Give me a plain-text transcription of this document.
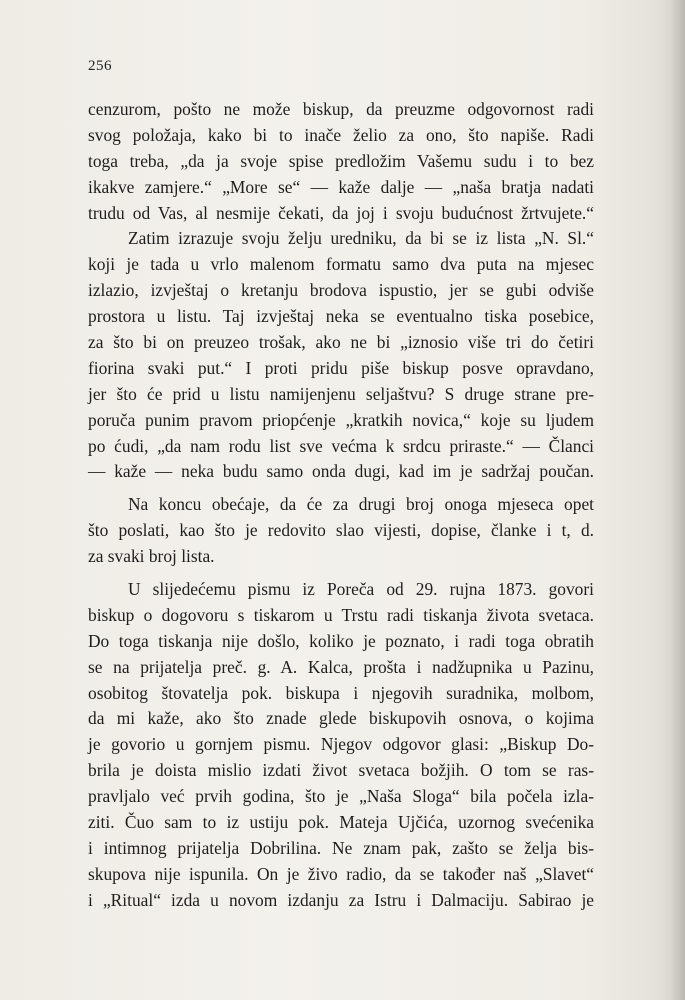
256
cenzurom, pošto ne može biskup, da preuzme odgovornost radi
svog položaja, kako bi to inače želio za ono, što napiše. Radi
toga treba, „da ja svoje spise predložim Vašemu sudu i to bez
ikakve zamjere.“ „More se“ — kaže dalje — „naša bratja nadati
trudu od Vas, al nesmije čekati, da joj i svoju budućnost žrtvujete.“
Zatim izrazuje svoju želju uredniku, da bi se iz lista „N. Sl.“
koji je tada u vrlo malenom formatu samo dva puta na mjesec
izlazio, izvještaj o kretanju brodova ispustio, jer se gubi odviše
prostora u listu. Taj izvještaj neka se eventualno tiska posebice,
za što bi on preuzeo trošak, ako ne bi „iznosio više tri do četiri
fiorina svaki put.“ I proti pridu piše biskup posve opravdano,
jer što će prid u listu namijenjenu seljaštvu? S druge strane pre-
poruča punim pravom priopćenje „kratkih novica,“ koje su ljudem
po ćudi, „da nam rodu list sve većma k srdcu priraste.“ — Članci
— kaže — neka budu samo onda dugi, kad im je sadržaj poučan.
Na koncu obećaje, da će za drugi broj onoga mjeseca opet
što poslati, kao što je redovito slao vijesti, dopise, članke i t, d.
za svaki broj lista.
U slijedećemu pismu iz Poreča od 29. rujna 1873. govori
biskup o dogovoru s tiskarom u Trstu radi tiskanja života svetaca.
Do toga tiskanja nije došlo, koliko je poznato, i radi toga obratih
se na prijatelja preč. g. A. Kalca, prošta i nadžupnika u Pazinu,
osobitog štovatelja pok. biskupa i njegovih suradnika, molbom,
da mi kaže, ako što znade glede biskupovih osnova, o kojima
je govorio u gornjem pismu. Njegov odgovor glasi: „Biskup Do-
brila je doista mislio izdati život svetaca božjih. O tom se ras-
pravljalo već prvih godina, što je „Naša Sloga“ bila počela izla-
ziti. Čuo sam to iz ustiju pok. Mateja Ujčića, uzornog svećenika
i intimnog prijatelja Dobrilina. Ne znam pak, zašto se želja bis-
skupova nije ispunila. On je živo radio, da se također naš „Slavet“
i „Ritual“ izda u novom izdanju za Istru i Dalmaciju. Sabirao je
